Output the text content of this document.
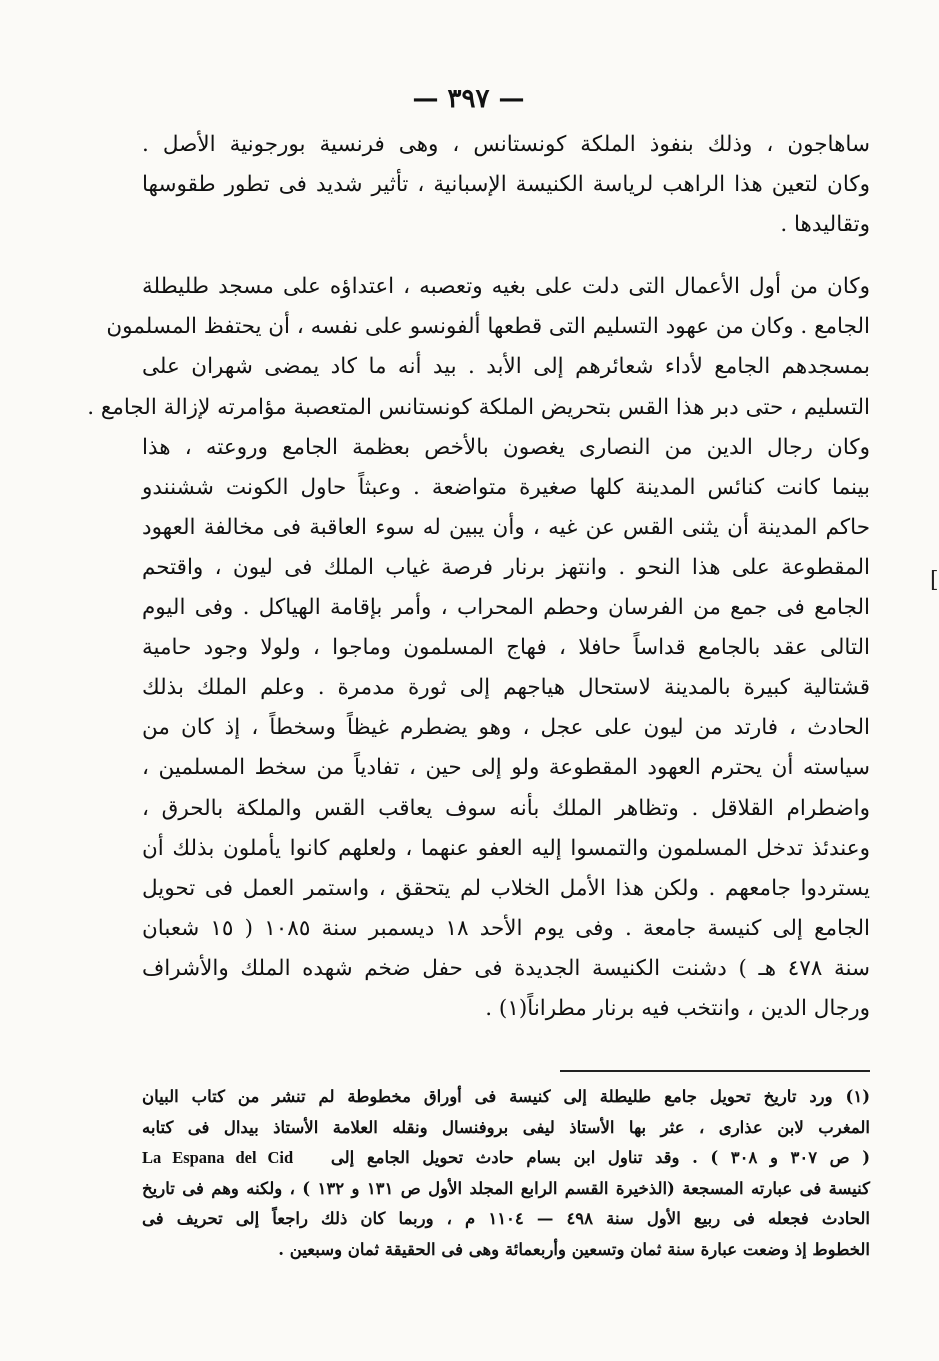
— ٣٩٧ —
ساهاجون ، وذلك بنفوذ الملكة كونستانس ، وهى فرنسية بورجونية الأصل .
وكان لتعين هذا الراهب لرياسة الكنيسة الإسبانية ، تأثير شديد فى تطور طقوسها
وتقاليدها .
وكان من أول الأعمال التى دلت على بغيه وتعصبه ، اعتداؤه على مسجد طليطلة
الجامع . وكان من عهود التسليم التى قطعها ألفونسو على نفسه ، أن يحتفظ المسلمون
بمسجدهم الجامع لأداء شعائرهم إلى الأبد . بيد أنه ما كاد يمضى شهران على
التسليم ، حتى دبر هذا القس بتحريض الملكة كونستانس المتعصبة مؤامرته لإزالة الجامع .
وكان رجال الدين من النصارى يغصون بالأخص بعظمة الجامع وروعته ، هذا
بينما كانت كنائس المدينة كلها صغيرة متواضعة . وعبثاً حاول الكونت ششنندو
حاكم المدينة أن يثنى القس عن غيه ، وأن يبين له سوء العاقبة فى مخالفة العهود
المقطوعة على هذا النحو . وانتهز برنار فرصة غياب الملك فى ليون ، واقتحم
الجامع فى جمع من الفرسان وحطم المحراب ، وأمر بإقامة الهياكل . وفى اليوم
التالى عقد بالجامع قداساً حافلا ، فهاج المسلمون وماجوا ، ولولا وجود حامية
قشتالية كبيرة بالمدينة لاستحال هياجهم إلى ثورة مدمرة . وعلم الملك بذلك
الحادث ، فارتد من ليون على عجل ، وهو يضطرم غيظاً وسخطاً ، إذ كان من
سياسته أن يحترم العهود المقطوعة ولو إلى حين ، تفادياً من سخط المسلمين ،
واضطرام القلاقل . وتظاهر الملك بأنه سوف يعاقب القس والملكة بالحرق ،
وعندئذ تدخل المسلمون والتمسوا إليه العفو عنهما ، ولعلهم كانوا يأملون بذلك أن
يستردوا جامعهم . ولكن هذا الأمل الخلاب لم يتحقق ، واستمر العمل فى تحويل
الجامع إلى كنيسة جامعة . وفى يوم الأحد ١٨ ديسمبر سنة ١٠٨٥ ( ١٥ شعبان
سنة ٤٧٨ هـ ) دشنت الكنيسة الجديدة فى حفل ضخم شهده الملك والأشراف
ورجال الدين ، وانتخب فيه برنار مطراناً(١) .
[
(١) ورد تاريخ تحويل جامع طليطلة إلى كنيسة فى أوراق مخطوطة لم تنشر من كتاب البيان
المغرب لابن عذارى ، عثر بها الأستاذ ليفى بروفنسال ونقله العلامة الأستاذ بيدال فى كتابه
( ص ٣٠٧ و ٣٠٨ ) . وقد تناول ابن بسام حادث تحويل الجامع إلى   La Espana del Cid
كنيسة فى عبارته المسجعة (الذخيرة القسم الرابع المجلد الأول ص ١٣١ و ١٣٢ ) ، ولكنه وهم فى تاريخ
الحادث فجعله فى ربيع الأول سنة ٤٩٨ — ١١٠٤ م ، وربما كان ذلك راجعاً إلى تحريف فى
الخطوط إذ وضعت عبارة سنة ثمان وتسعين وأربعمائة وهى فى الحقيقة ثمان وسبعين .
